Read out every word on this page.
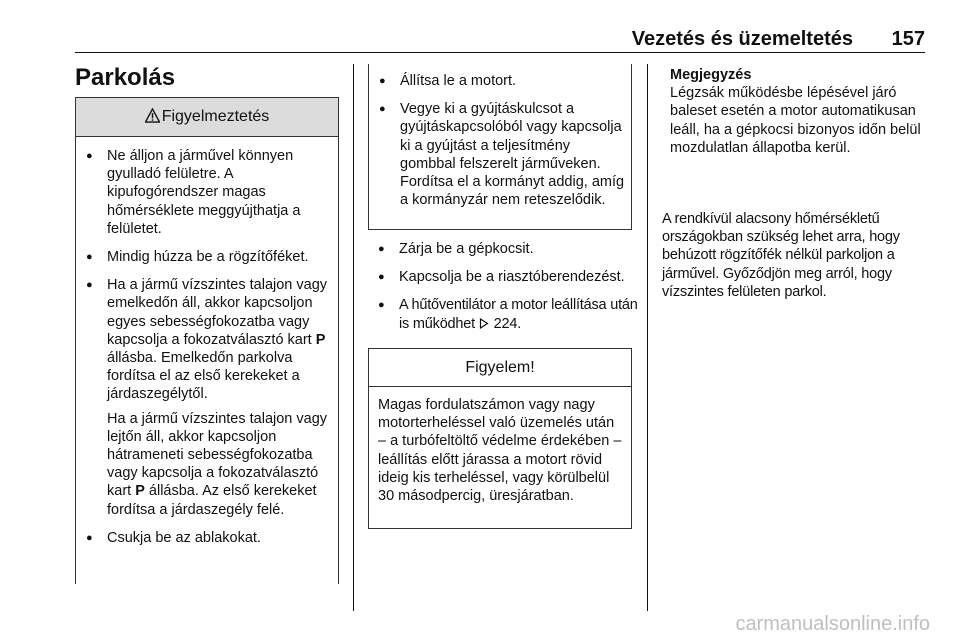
Vezetés és üzemeltetés 157
Parkolás
Figyelmeztetés
● Ne álljon a járművel könnyen gyulladó felületre. A kipufogórendszer magas hőmérséklete meggyújthatja a felületet.
● Mindig húzza be a rögzítőféket.
● Ha a jármű vízszintes talajon vagy emelkedőn áll, akkor kapcsoljon egyes sebességfokozatba vagy kapcsolja a fokozatválasztó kart P állásba. Emelkedőn parkolva fordítsa el az első kerekeket a járdaszegélytől.
Ha a jármű vízszintes talajon vagy lejtőn áll, akkor kapcsoljon hátrameneti sebességfokozatba vagy kapcsolja a fokozatválasztó kart P állásba. Az első kerekeket fordítsa a járdaszegély felé.
● Csukja be az ablakokat.
● Állítsa le a motort.
● Vegye ki a gyújtáskulcsot a gyújtáskapcsolóból vagy kapcsolja ki a gyújtást a teljesítmény gombbal felszerelt járműveken. Fordítsa el a kormányt addig, amíg a kormányzár nem reteszelődik.
● Zárja be a gépkocsit.
● Kapcsolja be a riasztóberendezést.
● A hűtőventilátor a motor leállítása után is működhet  224.
Figyelem!

Magas fordulatszámon vagy nagy motorterheléssel való üzemelés után – a turbófeltöltő védelme érdekében – leállítás előtt járassa a motort rövid ideig kis terheléssel, vagy körülbelül 30 másodpercig, üresjáratban.

Megjegyzés

Légzsák működésbe lépésével járó baleset esetén a motor automatikusan leáll, ha a gépkocsi bizonyos időn belül mozdulatlan állapotba kerül.

A rendkívül alacsony hőmérsékletű országokban szükség lehet arra, hogy behúzott rögzítőfék nélkül parkoljon a járművel. Győződjön meg arról, hogy vízszintes felületen parkol.

carmanualsonline.info
